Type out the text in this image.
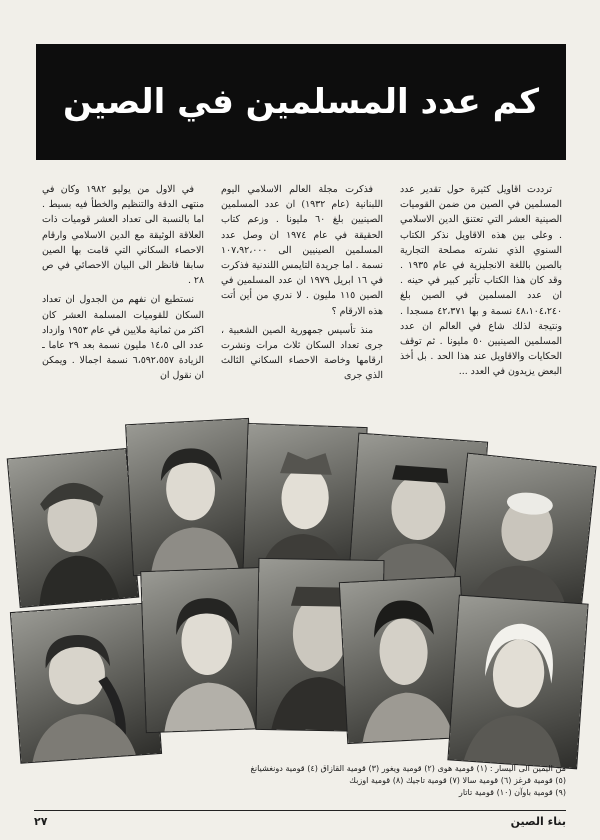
كم عدد المسلمين في الصين

ترددت اقاويل كثيرة حول تقدير عدد المسلمين في الصين من ضمن القوميات الصينية العشر التي تعتنق الدين الاسلامي . وعلى بين هذه الاقاويل نذكر الكتاب السنوي الذي نشرته مصلحة التجارية بالصين باللغة الانجليزية في عام ١٩٣٥ . وقد كان هذا الكتاب تأثير كبير في حينه . ان عدد المسلمين في الصين بلغ ٤٨،١٠٤،٢٤٠ نسمة و بها ٤٢،٣٧١ مسجدا . ونتيجة لذلك شاع في العالم ان عدد المسلمين الصينيين ٥٠ مليونا . ثم توقف الحكايات والاقاويل عند هذا الحد . بل أخذ البعض يزيدون في العدد ...

فذكرت مجلة العالم الاسلامي اليوم اللبنانية (عام ١٩٣٢) ان عدد المسلمين الصينيين بلغ ٦٠ مليونا . وزعم كتاب الحقيقة في عام ١٩٧٤ ان وصل عدد المسلمين الصينيين الى ١٠٧،٩٢،٠٠٠ نسمة . اما جريدة التايمس اللندنية فذكرت في ١٦ ابريل ١٩٧٩ ان عدد المسلمين في الصين ١١٥ مليون . لا ندري من أين أتت هذه الارقام ؟

منذ تأسيس جمهورية الصين الشعبية ، جرى تعداد السكان ثلاث مرات ونشرت ارقامها وخاصة الاحصاء السكاني الثالث الذي جرى

في الاول من يوليو ١٩٨٢ وكان في منتهى الدقة والتنظيم والخطأ فيه بسيط . اما بالنسبة الى تعداد العشر قوميات ذات العلاقة الوثيقة مع الدين الاسلامي وارقام الاحصاء السكاني التي قامت بها الصين سابقا فانظر الى البيان الاحصائي في ص ٢٨ .

نستطيع ان نفهم من الجدول ان تعداد السكان للقوميات المسلمة العشر كان اكثر من ثمانية ملايين في عام ١٩٥٣ وازداد عدد الى ١٤،٥ مليون نسمة بعد ٢٩ عاما ـ الزيادة ٦،٥٩٢،٥٥٧ نسمة اجمالا . ويمكن ان نقول ان

من اليمين الى اليسار : (١) قومية هوى (٢) قومية ويغور (٣) قومية القازاق (٤) قومية دونغشيانغ
(٥) قومية قرغز (٦) قومية سالا (٧) قومية تاجيك (٨) قومية اوزبك
(٩) قومية باوآن (١٠) قومية تاتار
بناء الصين
٢٧
